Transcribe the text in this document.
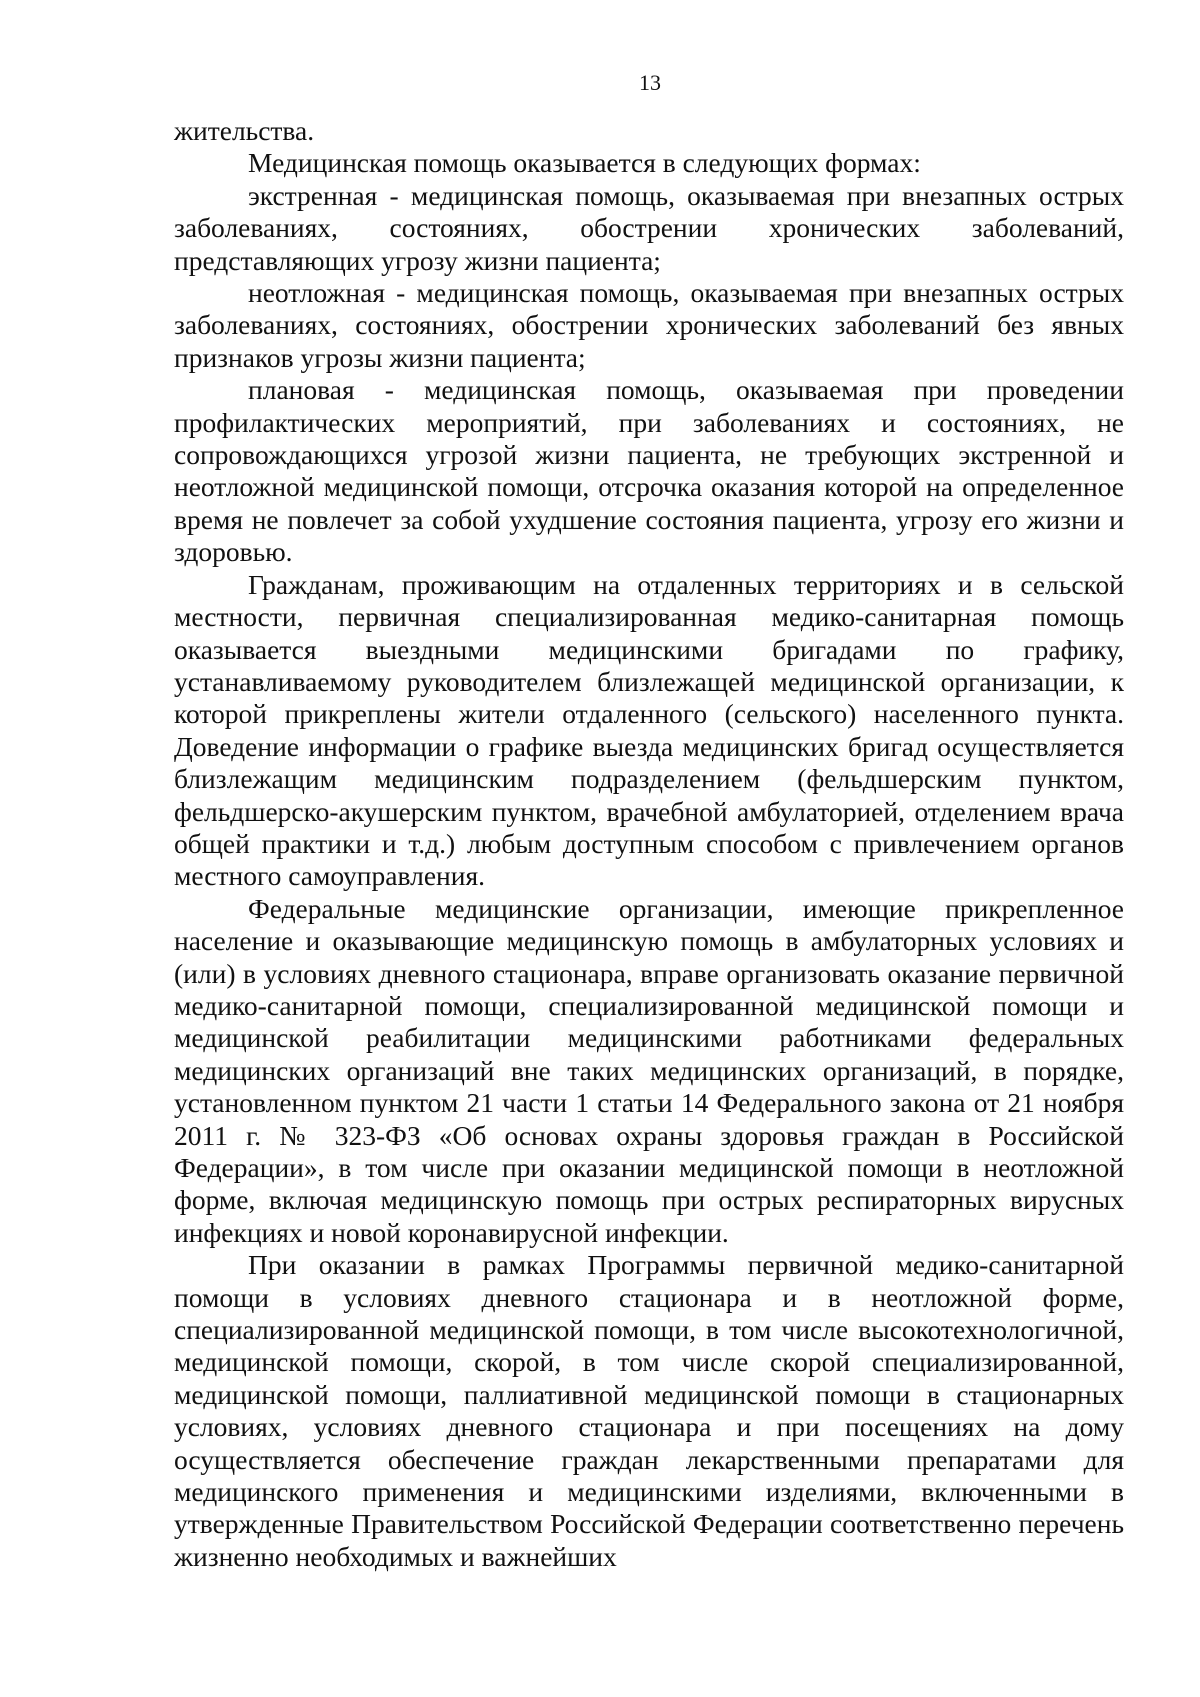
13

жительства.

Медицинская помощь оказывается в следующих формах:

экстренная - медицинская помощь, оказываемая при внезапных острых заболеваниях, состояниях, обострении хронических заболеваний, представляющих угрозу жизни пациента;

неотложная - медицинская помощь, оказываемая при внезапных острых заболеваниях, состояниях, обострении хронических заболеваний без явных признаков угрозы жизни пациента;

плановая - медицинская помощь, оказываемая при проведении профилактических мероприятий, при заболеваниях и состояниях, не сопровождающихся угрозой жизни пациента, не требующих экстренной и неотложной медицинской помощи, отсрочка оказания которой на определенное время не повлечет за собой ухудшение состояния пациента, угрозу его жизни и здоровью.

Гражданам, проживающим на отдаленных территориях и в сельской местности, первичная специализированная медико-санитарная помощь оказывается выездными медицинскими бригадами по графику, устанавливаемому руководителем близлежащей медицинской организации, к которой прикреплены жители отдаленного (сельского) населенного пункта. Доведение информации о графике выезда медицинских бригад осуществляется близлежащим медицинским подразделением (фельдшерским пунктом, фельдшерско-акушерским пунктом, врачебной амбулаторией, отделением врача общей практики и т.д.) любым доступным способом с привлечением органов местного самоуправления.

Федеральные медицинские организации, имеющие прикрепленное население и оказывающие медицинскую помощь в амбулаторных условиях и (или) в условиях дневного стационара, вправе организовать оказание первичной медико-санитарной помощи, специализированной медицинской помощи и медицинской реабилитации медицинскими работниками федеральных медицинских организаций вне таких медицинских организаций, в порядке, установленном пунктом 21 части 1 статьи 14 Федерального закона от 21 ноября 2011 г. № 323-ФЗ «Об основах охраны здоровья граждан в Российской Федерации», в том числе при оказании медицинской помощи в неотложной форме, включая медицинскую помощь при острых респираторных вирусных инфекциях и новой коронавирусной инфекции.

При оказании в рамках Программы первичной медико-санитарной помощи в условиях дневного стационара и в неотложной форме, специализированной медицинской помощи, в том числе высокотехнологичной, медицинской помощи, скорой, в том числе скорой специализированной, медицинской помощи, паллиативной медицинской помощи в стационарных условиях, условиях дневного стационара и при посещениях на дому осуществляется обеспечение граждан лекарственными препаратами для медицинского применения и медицинскими изделиями, включенными в утвержденные Правительством Российской Федерации соответственно перечень жизненно необходимых и важнейших
